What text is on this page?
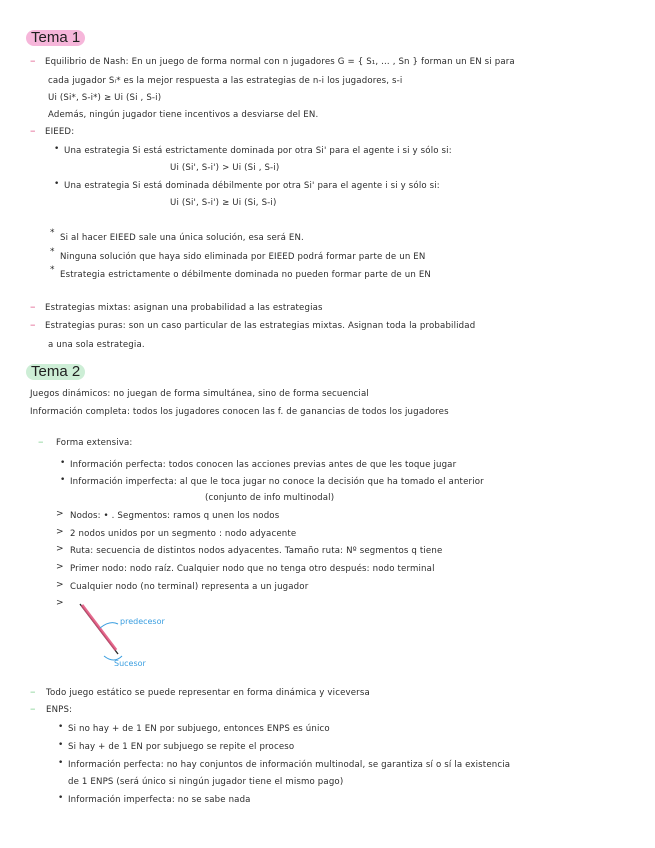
Tema 1
– Equilibrio de Nash: En un juego de forma normal con n jugadores G = { S₁, ... , Sn } forman un EN si para
cada jugador Sᵢ* es la mejor respuesta a las estrategias de n-i los jugadores, s-i
Ui (Si*, S-i*) ≥ Ui (Si , S-i)
Además, ningún jugador tiene incentivos a desviarse del EN.
– EIEED:
• Una estrategia Si está estrictamente dominada por otra Si' para el agente i si y sólo si:
Ui (Si', S-i') > Ui (Si , S-i)
• Una estrategia Si está dominada débilmente por otra Si' para el agente i si y sólo si:
Ui (Si', S-i') ≥ Ui (Si, S-i)
* Si al hacer EIEED sale una única solución, esa será EN.
* Ninguna solución que haya sido eliminada por EIEED podrá formar parte de un EN
* Estrategia estrictamente o débilmente dominada no pueden formar parte de un EN
– Estrategias mixtas: asignan una probabilidad a las estrategias
– Estrategias puras: son un caso particular de las estrategias mixtas. Asignan toda la probabilidad
a una sola estrategia.
Tema 2
Juegos dinámicos: no juegan de forma simultánea, sino de forma secuencial
Información completa: todos los jugadores conocen las f. de ganancias de todos los jugadores
– Forma extensiva:
• Información perfecta: todos conocen las acciones previas antes de que les toque jugar
• Información imperfecta: al que le toca jugar no conoce la decisión que ha tomado el anterior
(conjunto de info multinodal)
> Nodos: • . Segmentos: ramos q unen los nodos
> 2 nodos unidos por un segmento : nodo adyacente
> Ruta: secuencia de distintos nodos adyacentes. Tamaño ruta: Nº segmentos q tiene
> Primer nodo: nodo raíz. Cualquier nodo que no tenga otro después: nodo terminal
> Cualquier nodo (no terminal) representa a un jugador
>
predecesor
Sucesor
– Todo juego estático se puede representar en forma dinámica y viceversa
– ENPS:
• Si no hay + de 1 EN por subjuego, entonces ENPS es único
• Si hay + de 1 EN por subjuego se repite el proceso
• Información perfecta: no hay conjuntos de información multinodal, se garantiza sí o sí la existencia
de 1 ENPS (será único si ningún jugador tiene el mismo pago)
• Información imperfecta: no se sabe nada
